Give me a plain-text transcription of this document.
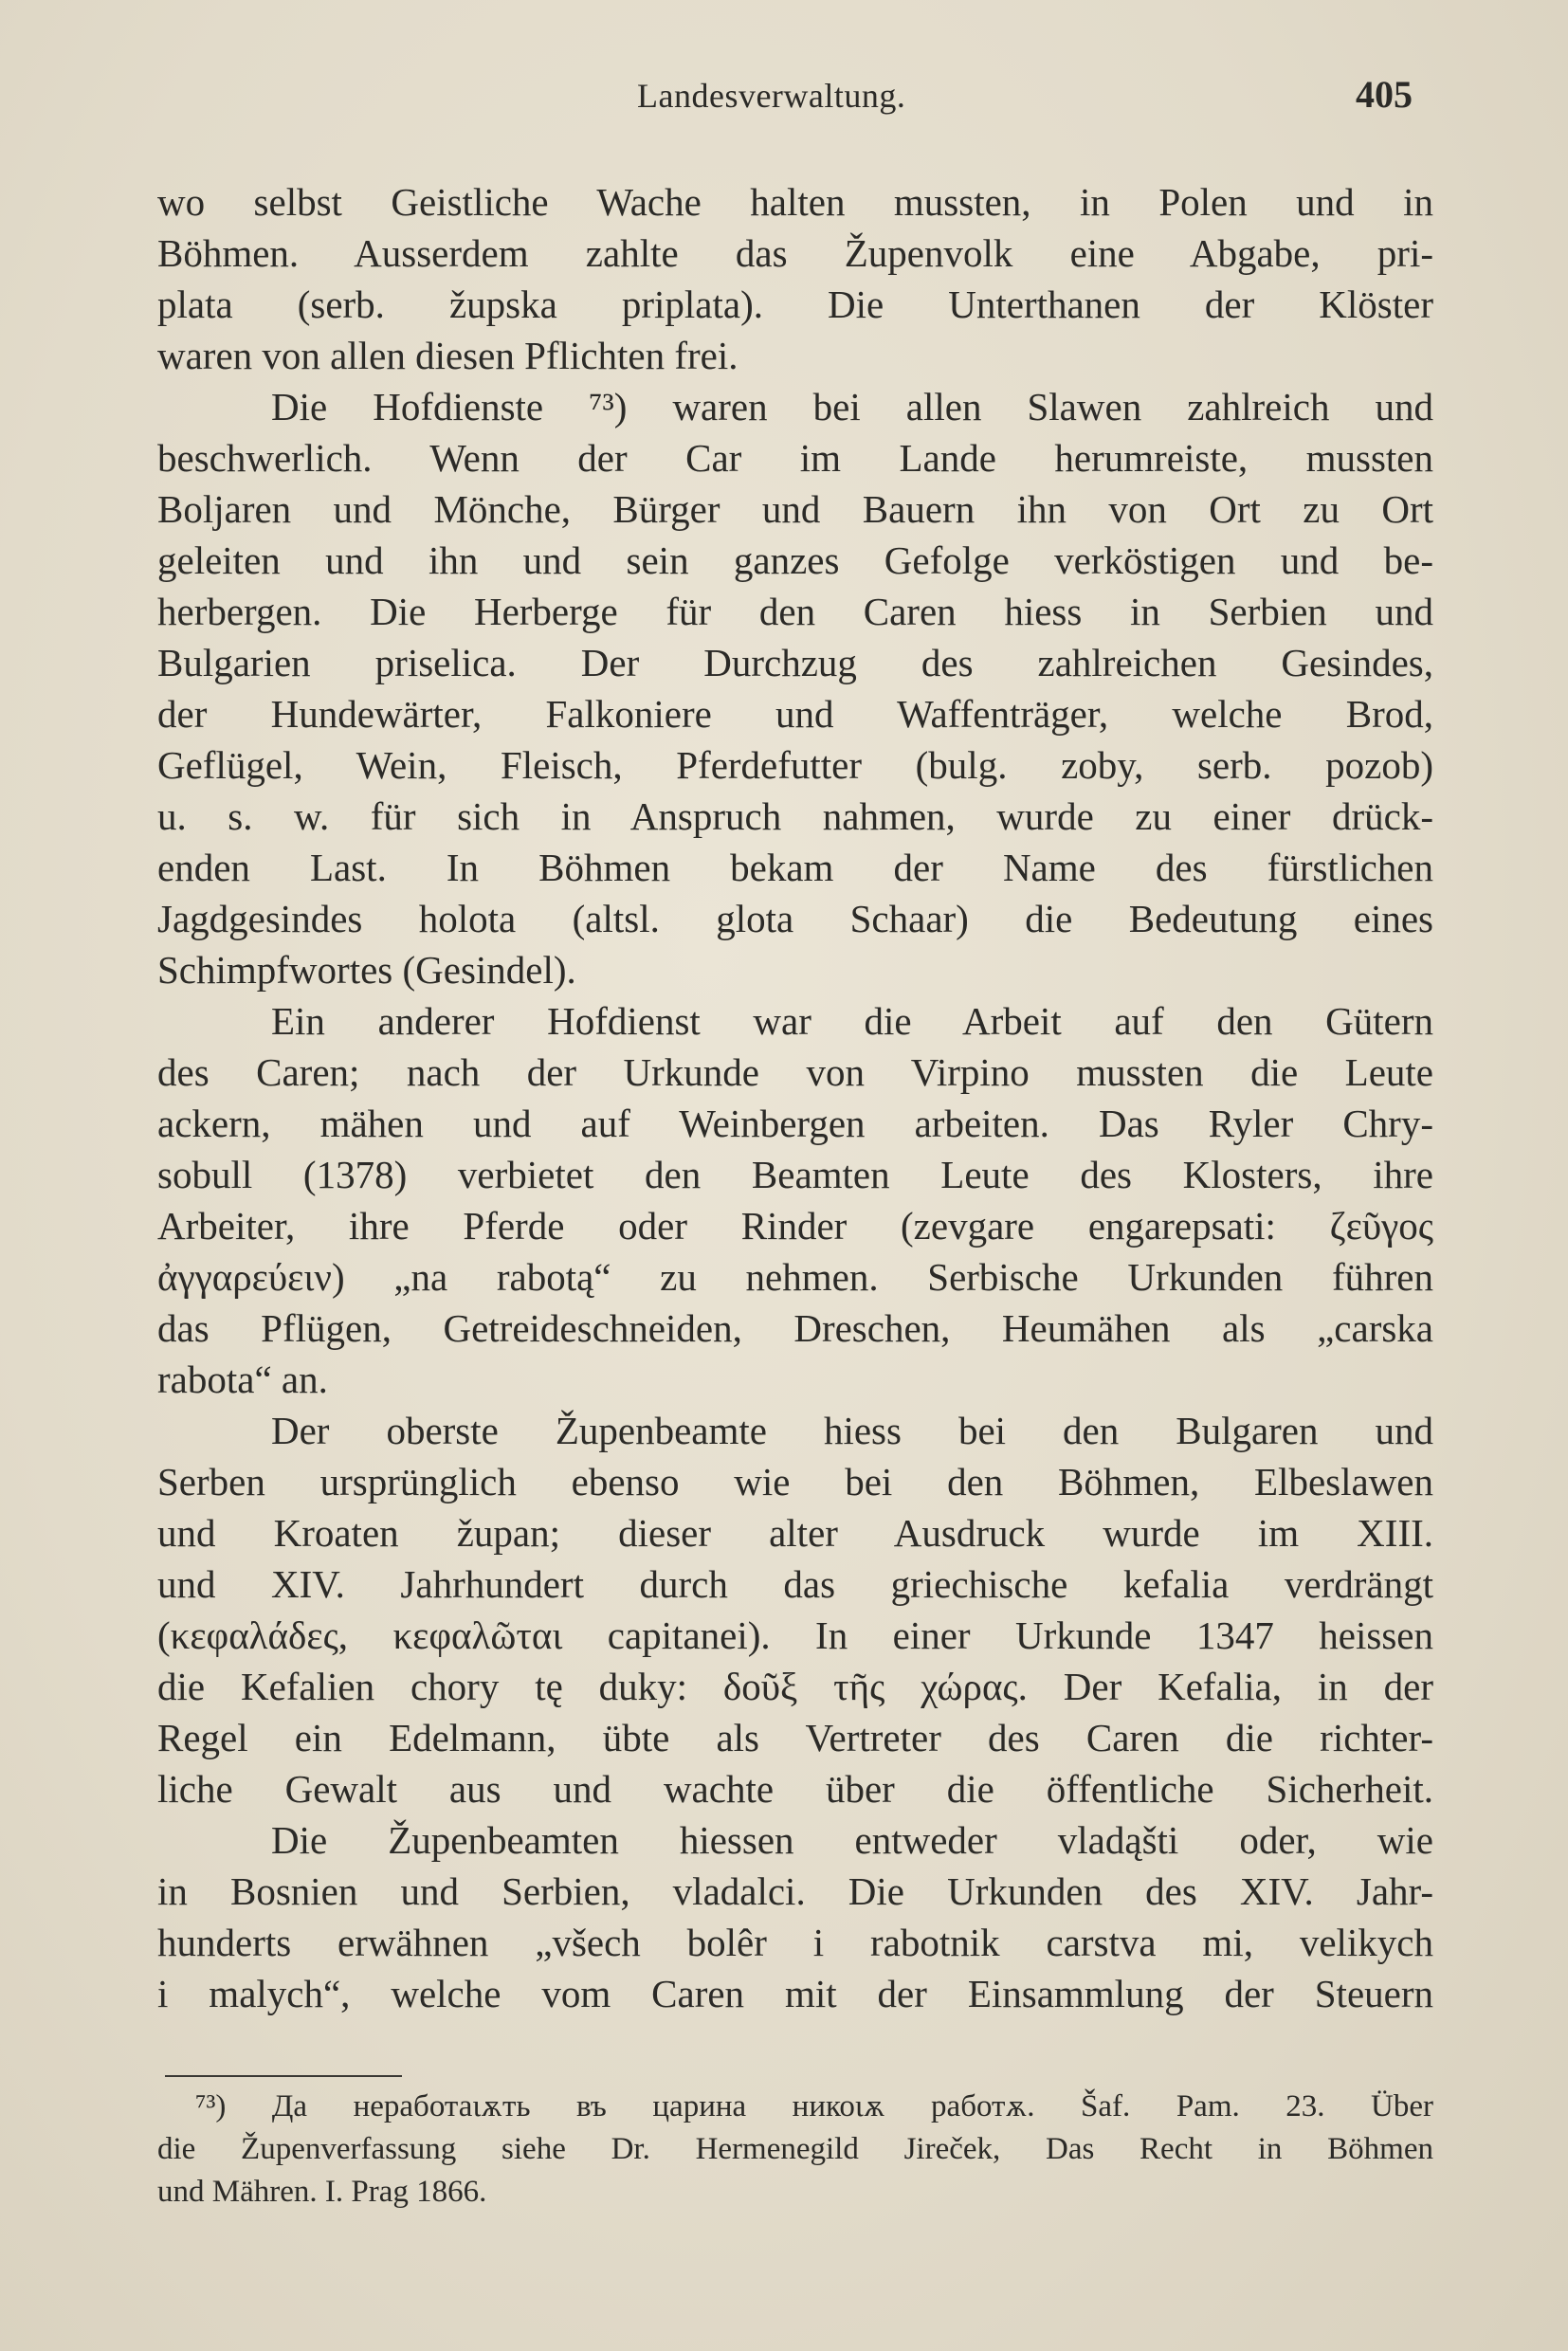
Landesverwaltung.	405
wo selbst Geistliche Wache halten mussten, in Polen und in
Böhmen. Ausserdem zahlte das Župenvolk eine Abgabe, pri-
plata (serb. župska priplata). Die Unterthanen der Klöster
waren von allen diesen Pflichten frei.
Die Hofdienste ⁷³) waren bei allen Slawen zahlreich und
beschwerlich. Wenn der Car im Lande herumreiste, mussten
Boljaren und Mönche, Bürger und Bauern ihn von Ort zu Ort
geleiten und ihn und sein ganzes Gefolge verköstigen und be-
herbergen. Die Herberge für den Caren hiess in Serbien und
Bulgarien priselica. Der Durchzug des zahlreichen Gesindes,
der Hundewärter, Falkoniere und Waffenträger, welche Brod,
Geflügel, Wein, Fleisch, Pferdefutter (bulg. zoby, serb. pozob)
u. s. w. für sich in Anspruch nahmen, wurde zu einer drück-
enden Last. In Böhmen bekam der Name des fürstlichen
Jagdgesindes holota (altsl. glota Schaar) die Bedeutung eines
Schimpfwortes (Gesindel).
Ein anderer Hofdienst war die Arbeit auf den Gütern
des Caren; nach der Urkunde von Virpino mussten die Leute
ackern, mähen und auf Weinbergen arbeiten. Das Ryler Chry-
sobull (1378) verbietet den Beamten Leute des Klosters, ihre
Arbeiter, ihre Pferde oder Rinder (zevgare engarepsati: ζεῦγος
ἀγγαρεύειν) „na rabotą“ zu nehmen. Serbische Urkunden führen
das Pflügen, Getreideschneiden, Dreschen, Heumähen als „carska
rabota“ an.
Der oberste Župenbeamte hiess bei den Bulgaren und
Serben ursprünglich ebenso wie bei den Böhmen, Elbeslawen
und Kroaten župan; dieser alter Ausdruck wurde im XIII.
und XIV. Jahrhundert durch das griechische kefalia verdrängt
(κεφαλάδες, κεφαλῶται capitanei). In einer Urkunde 1347 heissen
die Kefalien chory tę duky: δοῦξ τῆς χώρας. Der Kefalia, in der
Regel ein Edelmann, übte als Vertreter des Caren die richter-
liche Gewalt aus und wachte über die öffentliche Sicherheit.
Die Župenbeamten hiessen entweder vladąšti oder, wie
in Bosnien und Serbien, vladalci. Die Urkunden des XIV. Jahr-
hunderts erwähnen „všech bolêr i rabotnik carstva mi, velikych
i malych“, welche vom Caren mit der Einsammlung der Steuern
⁷³) Да неработаιѫть въ царина никоιѫ работѫ. Šaf. Pam. 23. Über
die Župenverfassung siehe Dr. Hermenegild Jireček, Das Recht in Böhmen
und Mähren. I. Prag 1866.
